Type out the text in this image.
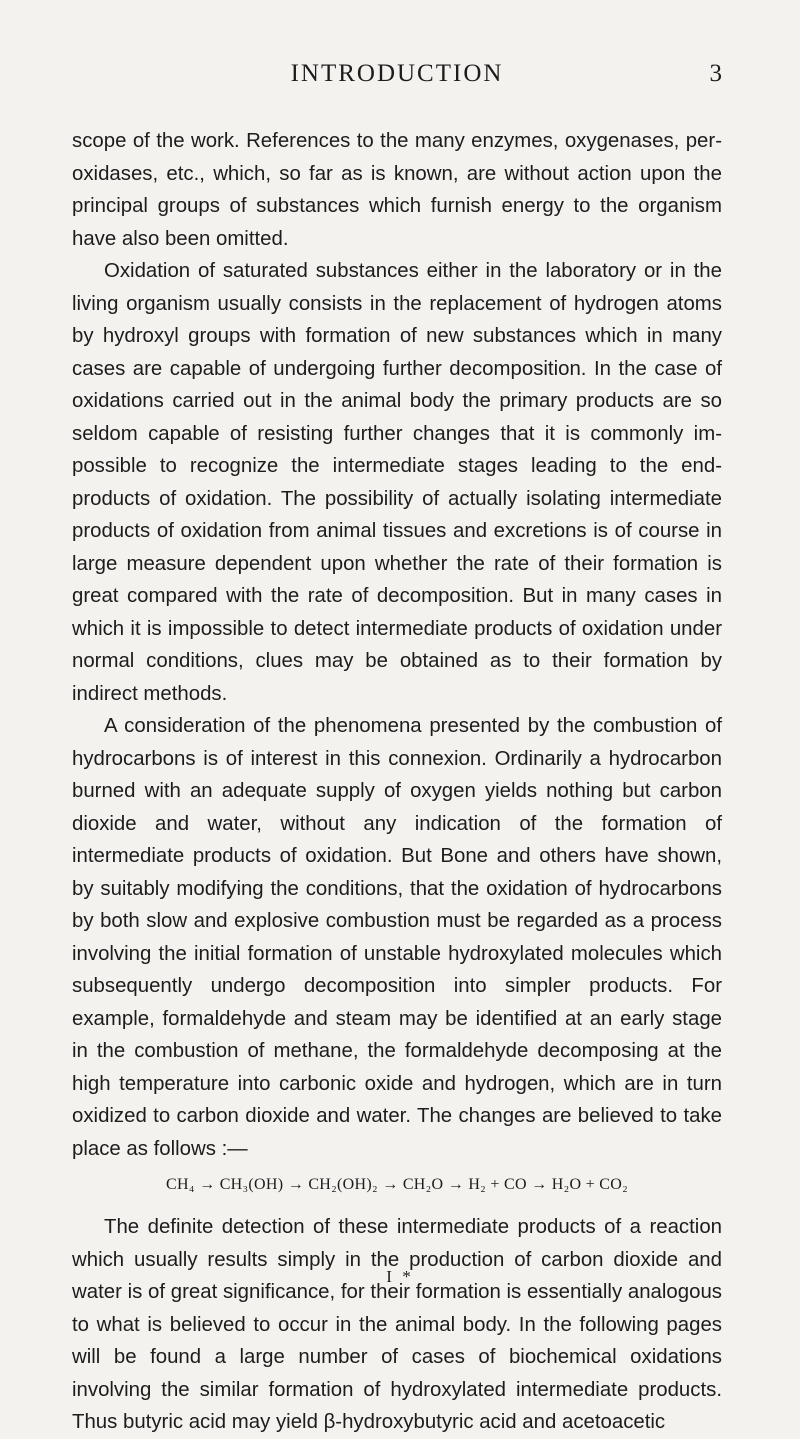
INTRODUCTION	3

scope of the work. References to the many enzymes, oxygenases, peroxidases, etc., which, so far as is known, are without action upon the principal groups of substances which furnish energy to the organism have also been omitted.

Oxidation of saturated substances either in the laboratory or in the living organism usually consists in the replacement of hydrogen atoms by hydroxyl groups with formation of new substances which in many cases are capable of undergoing further decomposition. In the case of oxidations carried out in the animal body the primary products are so seldom capable of resisting further changes that it is commonly impossible to recognize the intermediate stages leading to the end-products of oxidation. The possibility of actually isolating intermediate products of oxidation from animal tissues and excretions is of course in large measure dependent upon whether the rate of their formation is great compared with the rate of decomposition. But in many cases in which it is impossible to detect intermediate products of oxidation under normal conditions, clues may be obtained as to their formation by indirect methods.

A consideration of the phenomena presented by the combustion of hydrocarbons is of interest in this connexion. Ordinarily a hydrocarbon burned with an adequate supply of oxygen yields nothing but carbon dioxide and water, without any indication of the formation of intermediate products of oxidation. But Bone and others have shown, by suitably modifying the conditions, that the oxidation of hydrocarbons by both slow and explosive combustion must be regarded as a process involving the initial formation of unstable hydroxylated molecules which subsequently undergo decomposition into simpler products. For example, formaldehyde and steam may be identified at an early stage in the combustion of methane, the formaldehyde decomposing at the high temperature into carbonic oxide and hydrogen, which are in turn oxidized to carbon dioxide and water. The changes are believed to take place as follows :—

CH₄ → CH₃(OH) → CH₂(OH)₂ → CH₂O → H₂ + CO → H₂O + CO₂

The definite detection of these intermediate products of a reaction which usually results simply in the production of carbon dioxide and water is of great significance, for their formation is essentially analogous to what is believed to occur in the animal body. In the following pages will be found a large number of cases of biochemical oxidations involving the similar formation of hydroxylated intermediate products. Thus butyric acid may yield β-hydroxybutyric acid and acetoacetic

I *
